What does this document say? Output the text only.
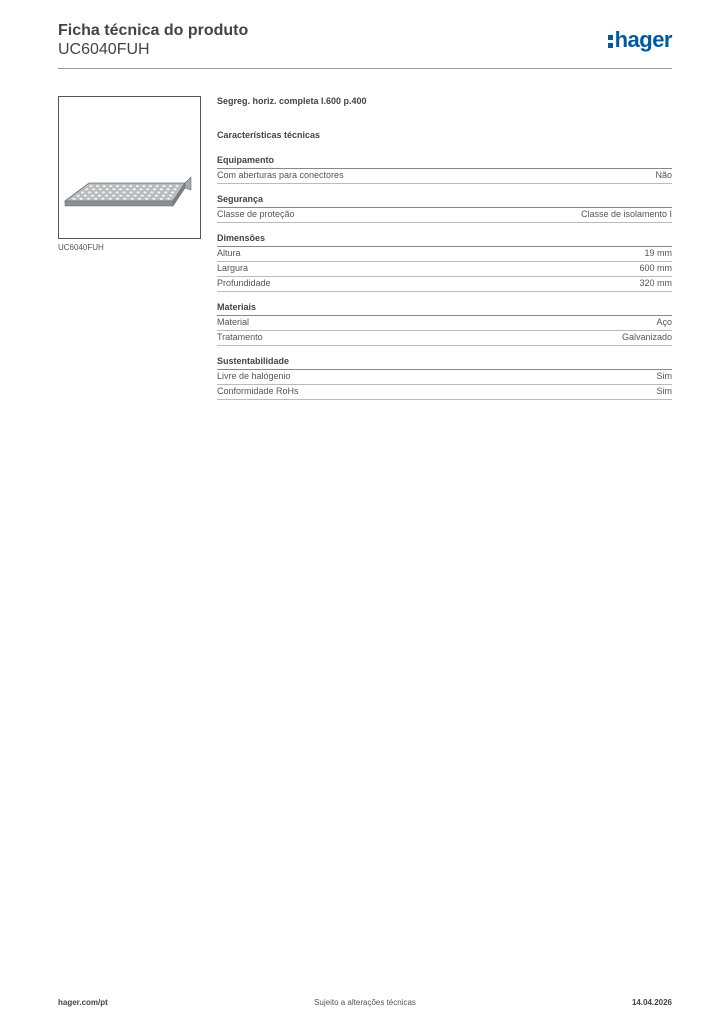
Ficha técnica do produto
UC6040FUH	hager
UC6040FUH
Segreg. horiz. completa l.600 p.400
Características técnicas
Equipamento
Com aberturas para conectores	Não
Segurança
Classe de proteção	Classe de isolamento I
Dimensões
Altura	19 mm
Largura	600 mm
Profundidade	320 mm
Materiais
Material	Aço
Tratamento	Galvanizado
Sustentabilidade
Livre de halógenio	Sim
Conformidade RoHs	Sim
Sujeito a alterações técnicas
hager.com/pt	14.04.2026
